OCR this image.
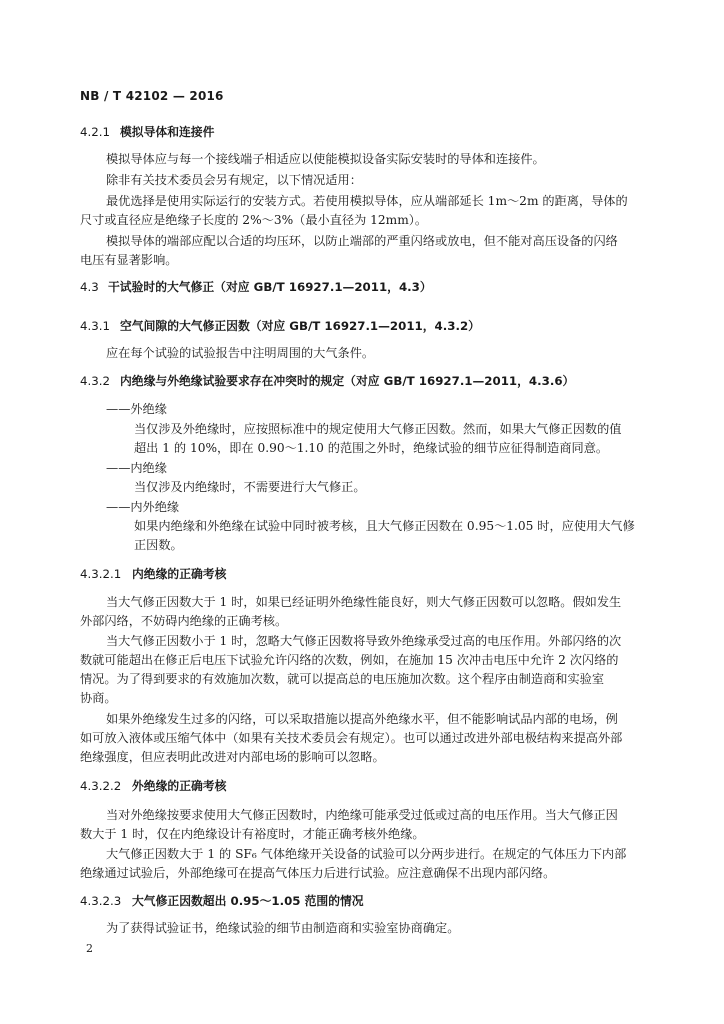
NB / T 42102 — 2016
4.2.1 模拟导体和连接件
模拟导体应与每一个接线端子相适应以使能模拟设备实际安装时的导体和连接件。
除非有关技术委员会另有规定，以下情况适用：
最优选择是使用实际运行的安装方式。若使用模拟导体，应从端部延长 1m～2m 的距离，导体的
尺寸或直径应是绝缘子长度的 2%～3%（最小直径为 12mm）。
模拟导体的端部应配以合适的均压环，以防止端部的严重闪络或放电，但不能对高压设备的闪络
电压有显著影响。
4.3 干试验时的大气修正（对应 GB/T 16927.1—2011，4.3）
4.3.1 空气间隙的大气修正因数（对应 GB/T 16927.1—2011，4.3.2）
应在每个试验的试验报告中注明周围的大气条件。
4.3.2 内绝缘与外绝缘试验要求存在冲突时的规定（对应 GB/T 16927.1—2011，4.3.6）
——外绝缘
当仅涉及外绝缘时，应按照标准中的规定使用大气修正因数。然而，如果大气修正因数的值
超出 1 的 10%，即在 0.90～1.10 的范围之外时，绝缘试验的细节应征得制造商同意。
——内绝缘
当仅涉及内绝缘时，不需要进行大气修正。
——内外绝缘
如果内绝缘和外绝缘在试验中同时被考核，且大气修正因数在 0.95～1.05 时，应使用大气修
正因数。
4.3.2.1 内绝缘的正确考核
当大气修正因数大于 1 时，如果已经证明外绝缘性能良好，则大气修正因数可以忽略。假如发生
外部闪络，不妨碍内绝缘的正确考核。
当大气修正因数小于 1 时，忽略大气修正因数将导致外绝缘承受过高的电压作用。外部闪络的次
数就可能超出在修正后电压下试验允许闪络的次数，例如，在施加 15 次冲击电压中允许 2 次闪络的
情况。为了得到要求的有效施加次数，就可以提高总的电压施加次数。这个程序由制造商和实验室
协商。
如果外绝缘发生过多的闪络，可以采取措施以提高外绝缘水平，但不能影响试品内部的电场，例
如可放入液体或压缩气体中（如果有关技术委员会有规定）。也可以通过改进外部电极结构来提高外部
绝缘强度，但应表明此改进对内部电场的影响可以忽略。
4.3.2.2 外绝缘的正确考核
当对外绝缘按要求使用大气修正因数时，内绝缘可能承受过低或过高的电压作用。当大气修正因
数大于 1 时，仅在内绝缘设计有裕度时，才能正确考核外绝缘。
大气修正因数大于 1 的 SF₆ 气体绝缘开关设备的试验可以分两步进行。在规定的气体压力下内部
绝缘通过试验后，外部绝缘可在提高气体压力后进行试验。应注意确保不出现内部闪络。
4.3.2.3 大气修正因数超出 0.95～1.05 范围的情况
为了获得试验证书，绝缘试验的细节由制造商和实验室协商确定。
2
